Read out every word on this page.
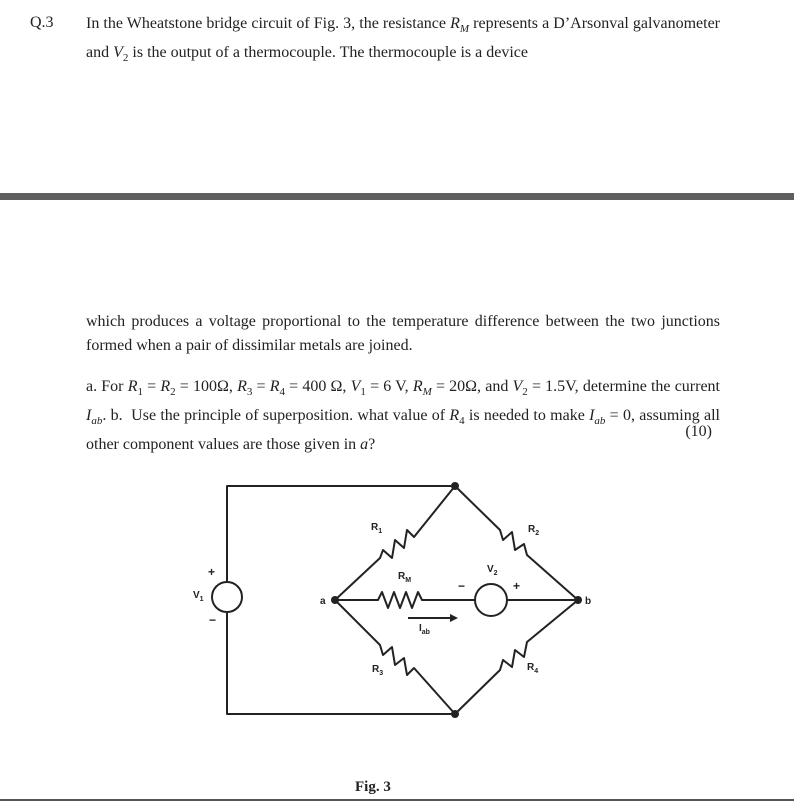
Q.3 In the Wheatstone bridge circuit of Fig. 3, the resistance $R_M$ represents a D’Arsonval galvanometer and $V_2$ is the output of a thermocouple. The thermocouple is a device
which produces a voltage proportional to the temperature difference between the two junctions formed when a pair of dissimilar metals are joined.
a. For $R_1 = R_2 = 100\Omega$, $R_3 = R_4 = 400$ Ω, $V_1 = 6$ V, $R_M = 20\Omega$, and $V_2 = 1.5V$, determine the current $I_{ab}$. b.  Use the principle of superposition. what value of $R_4$ is needed to make $I_{ab} = 0$, assuming all other component values are those given in a?
(10)
$R_1$	$R_2$
$R_3$
$R_4$
$R_M$
$V_1$
$V_2$
$I_{ab}$
a	b
+
−
+
−
Fig. 3
